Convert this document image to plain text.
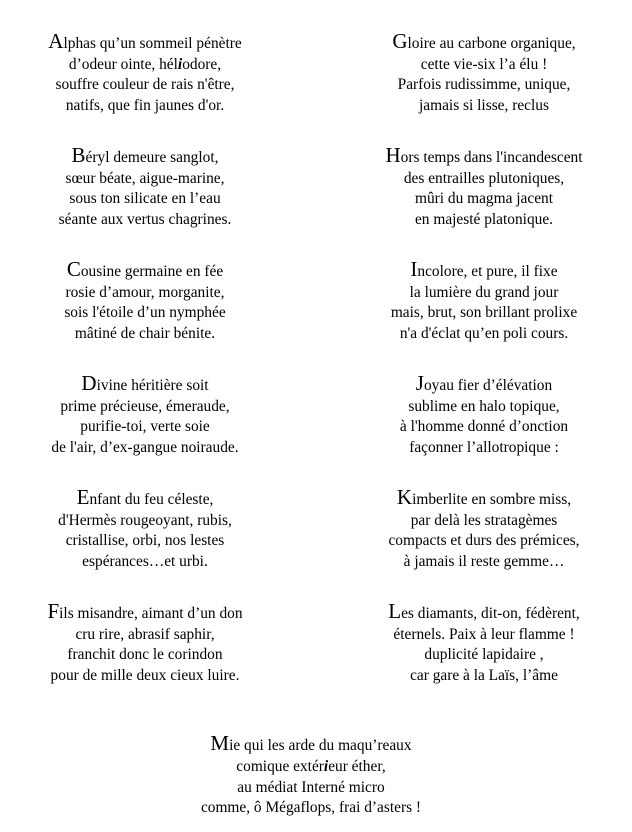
Alphas qu’un sommeil pénètre
d’odeur ointe, héliodore,
souffre couleur de rais n'être,
natifs, que fin jaunes d'or.

Béryl demeure sanglot,
sœur béate, aigue-marine,
sous ton silicate en l’eau
séante aux vertus chagrines.

Cousine germaine en fée
rosie d’amour, morganite,
sois l'étoile d’un nymphée
mâtiné de chair bénite.

Divine héritière soit
prime précieuse, émeraude,
purifie-toi, verte soie
de l'air, d’ex-gangue noiraude.

Enfant du feu céleste,
d'Hermès rougeoyant, rubis,
cristallise, orbi, nos lestes
espérances…et urbi.

Fils misandre, aimant d’un don
cru rire, abrasif saphir,
franchit donc le corindon
pour de mille deux cieux luire.

Gloire au carbone organique,
cette vie-six l’a élu !
Parfois rudissimme, unique,
jamais si lisse, reclus

Hors temps dans l'incandescent
des entrailles plutoniques,
mûri du magma jacent
en majesté platonique.

Incolore, et pure, il fixe
la lumière du grand jour
mais, brut, son brillant prolixe
n'a d'éclat qu’en poli cours.

Joyau fier d’élévation
sublime en halo topique,
à l'homme donné d’onction
façonner l’allotropique :

Kimberlite en sombre miss,
par delà les stratagèmes
compacts et durs des prémices,
à jamais il reste gemme…

Les diamants, dit-on, fédèrent,
éternels. Paix à leur flamme !
duplicité lapidaire ,
car gare à la Laïs, l’âme

Mie qui les arde du maqu’reaux
comique extérieur éther,
au médiat Interné micro
comme, ô Mégaflops, frai d’asters !
